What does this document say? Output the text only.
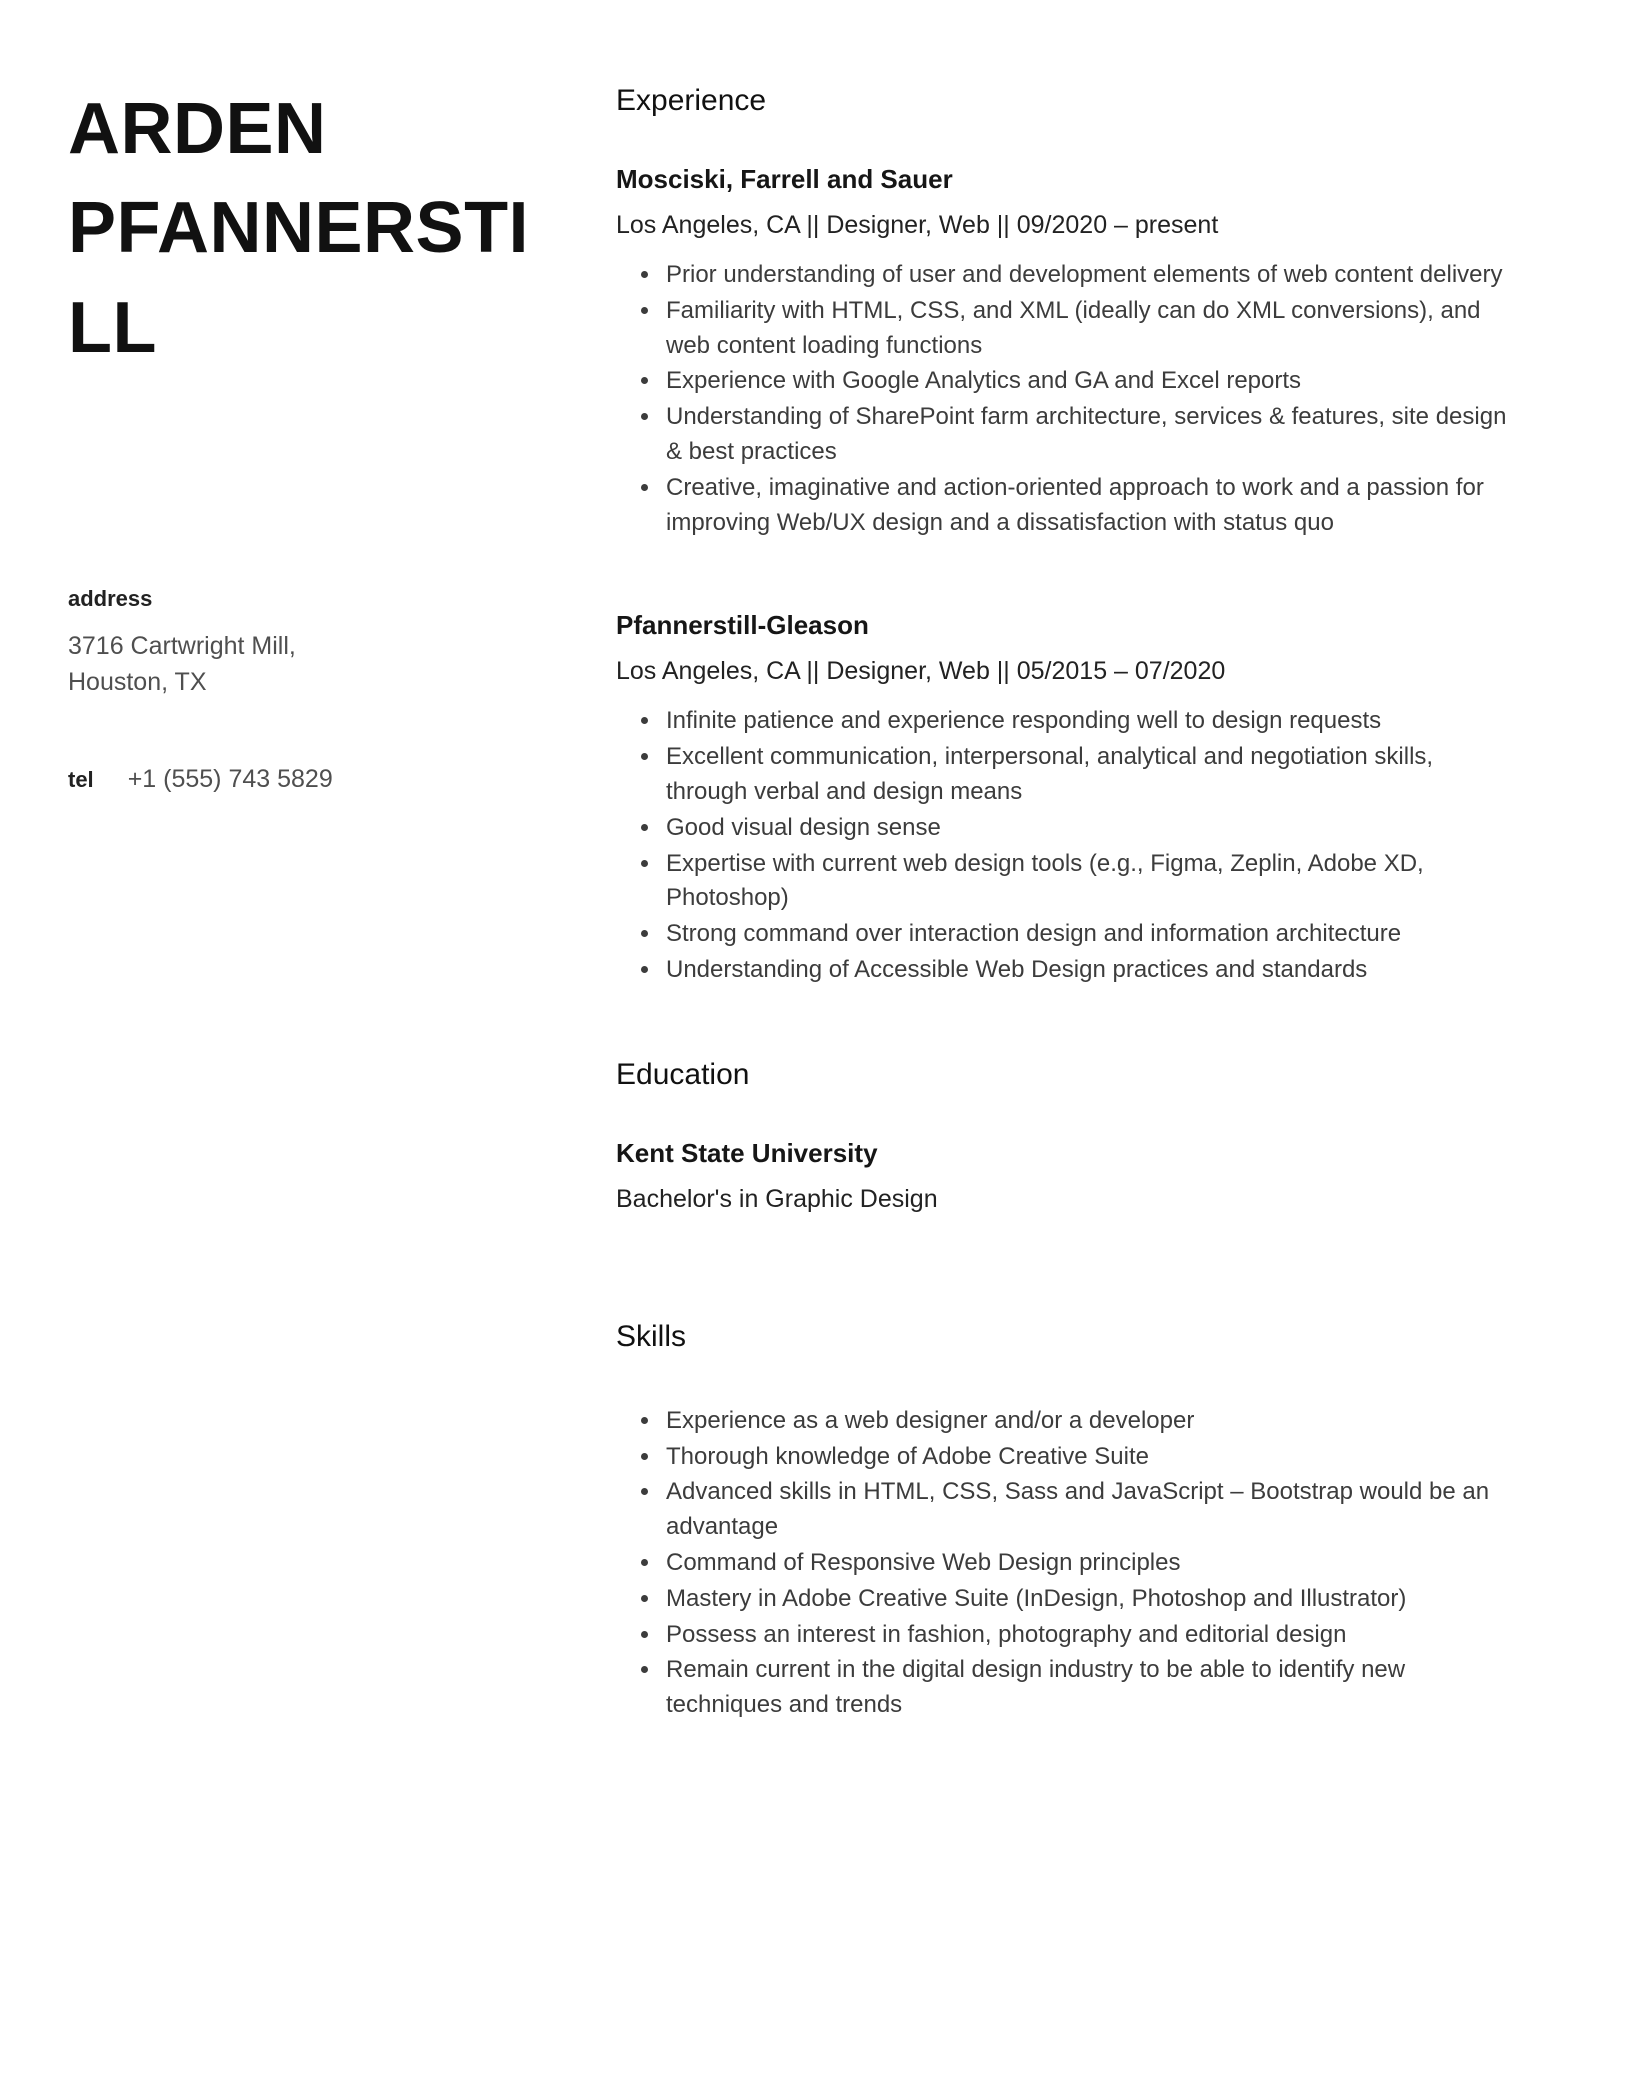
ARDEN PFANNERSTILL
address
3716 Cartwright Mill,
Houston, TX
tel +1 (555) 743 5829
Experience
Mosciski, Farrell and Sauer

Los Angeles, CA || Designer, Web || 09/2020 – present

• Prior understanding of user and development elements of web content delivery
• Familiarity with HTML, CSS, and XML (ideally can do XML conversions), and web content loading functions
• Experience with Google Analytics and GA and Excel reports
• Understanding of SharePoint farm architecture, services & features, site design & best practices
• Creative, imaginative and action-oriented approach to work and a passion for improving Web/UX design and a dissatisfaction with status quo
Pfannerstill-Gleason

Los Angeles, CA || Designer, Web || 05/2015 – 07/2020

• Infinite patience and experience responding well to design requests
• Excellent communication, interpersonal, analytical and negotiation skills, through verbal and design means
• Good visual design sense
• Expertise with current web design tools (e.g., Figma, Zeplin, Adobe XD, Photoshop)
• Strong command over interaction design and information architecture
• Understanding of Accessible Web Design practices and standards
Education
Kent State University

Bachelor's in Graphic Design

Skills
• Experience as a web designer and/or a developer
• Thorough knowledge of Adobe Creative Suite
• Advanced skills in HTML, CSS, Sass and JavaScript – Bootstrap would be an advantage
• Command of Responsive Web Design principles
• Mastery in Adobe Creative Suite (InDesign, Photoshop and Illustrator)
• Possess an interest in fashion, photography and editorial design
• Remain current in the digital design industry to be able to identify new techniques and trends
